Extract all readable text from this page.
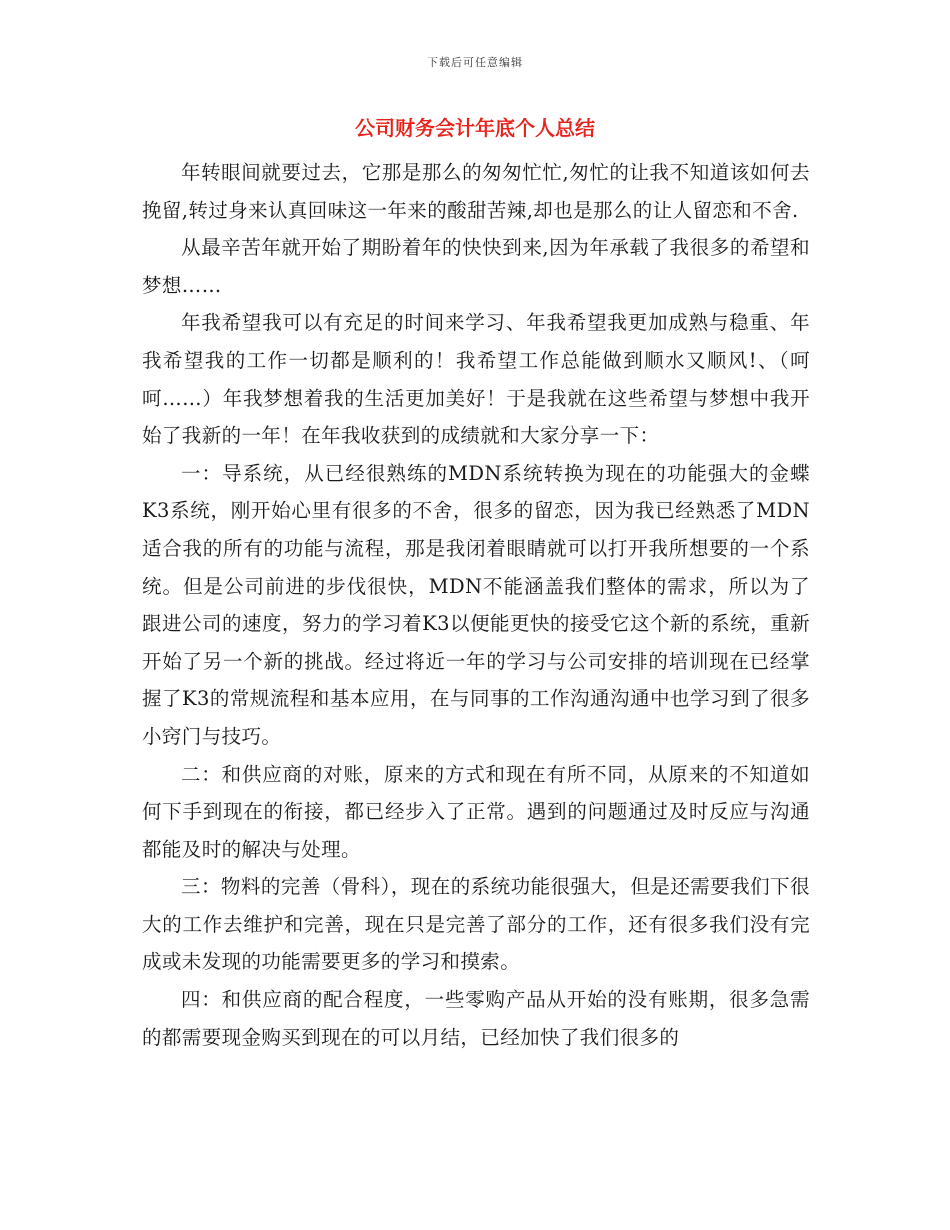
下载后可任意编辑
公司财务会计年底个人总结

年转眼间就要过去，它那是那么的匆匆忙忙,匆忙的让我不知道该如何去挽留,转过身来认真回味这一年来的酸甜苦辣,却也是那么的让人留恋和不舍.

从最辛苦年就开始了期盼着年的快快到来,因为年承载了我很多的希望和梦想……

年我希望我可以有充足的时间来学习、年我希望我更加成熟与稳重、年我希望我的工作一切都是顺利的！我希望工作总能做到顺水又顺风!、（呵呵……）年我梦想着我的生活更加美好！于是我就在这些希望与梦想中我开始了我新的一年！在年我收获到的成绩就和大家分享一下：

一：导系统，从已经很熟练的MDN系统转换为现在的功能强大的金蝶K3系统，刚开始心里有很多的不舍，很多的留恋，因为我已经熟悉了MDN适合我的所有的功能与流程，那是我闭着眼睛就可以打开我所想要的一个系统。但是公司前进的步伐很快，MDN不能涵盖我们整体的需求，所以为了跟进公司的速度，努力的学习着K3以便能更快的接受它这个新的系统，重新开始了另一个新的挑战。经过将近一年的学习与公司安排的培训现在已经掌握了K3的常规流程和基本应用，在与同事的工作沟通沟通中也学习到了很多小窍门与技巧。

二：和供应商的对账，原来的方式和现在有所不同，从原来的不知道如何下手到现在的衔接，都已经步入了正常。遇到的问题通过及时反应与沟通都能及时的解决与处理。

三：物料的完善（骨科），现在的系统功能很强大，但是还需要我们下很大的工作去维护和完善，现在只是完善了部分的工作，还有很多我们没有完成或未发现的功能需要更多的学习和摸索。

四：和供应商的配合程度，一些零购产品从开始的没有账期，很多急需的都需要现金购买到现在的可以月结，已经加快了我们很多的
